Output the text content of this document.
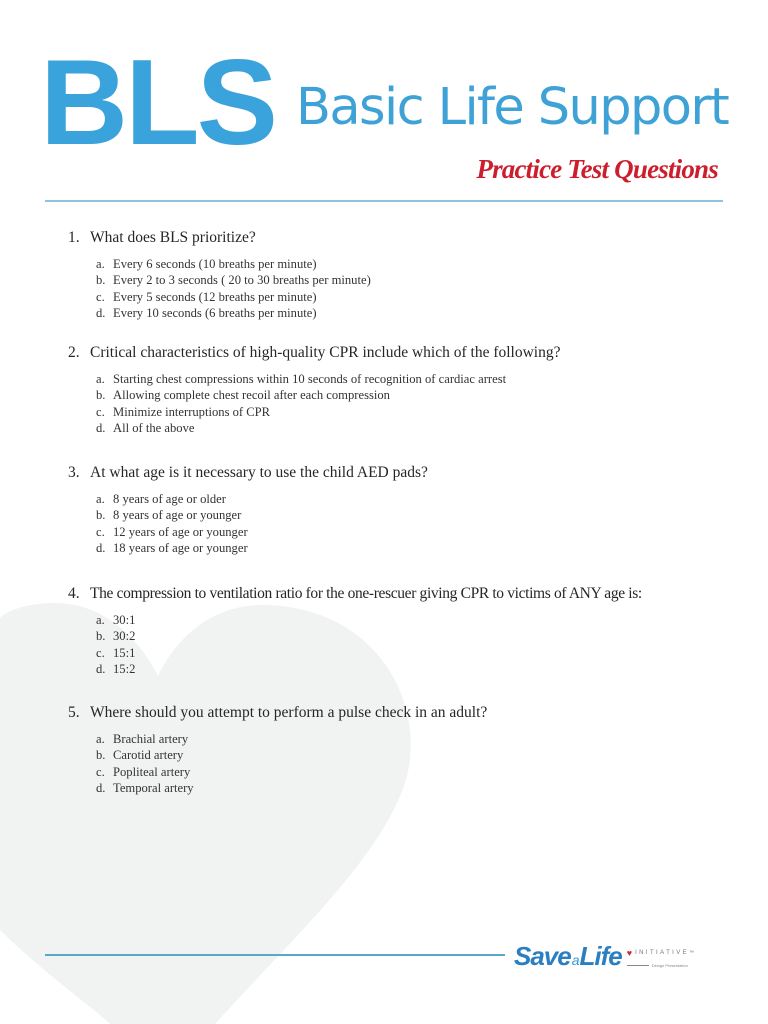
BLS Basic Life Support
Practice Test Questions
1. What does BLS prioritize?
a. Every 6 seconds (10 breaths per minute)
b. Every 2 to 3 seconds ( 20 to 30 breaths per minute)
c. Every 5 seconds (12 breaths per minute)
d. Every 10 seconds (6 breaths per minute)
2. Critical characteristics of high-quality CPR include which of the following?
a. Starting chest compressions within 10 seconds of recognition of cardiac arrest
b. Allowing complete chest recoil after each compression
c. Minimize interruptions of CPR
d. All of the above
3. At what age is it necessary to use the child AED pads?
a. 8 years of age or older
b. 8 years of age or younger
c. 12 years of age or younger
d. 18 years of age or younger
4. The compression to ventilation ratio for the one-rescuer giving CPR to victims of ANY age is:
a. 30:1
b. 30:2
c. 15:1
d. 15:2
5. Where should you attempt to perform a pulse check in an adult?
a. Brachial artery
b. Carotid artery
c. Popliteal artery
d. Temporal artery
SaveaLife ♥ INITIATIVE ™
Design Presentation
